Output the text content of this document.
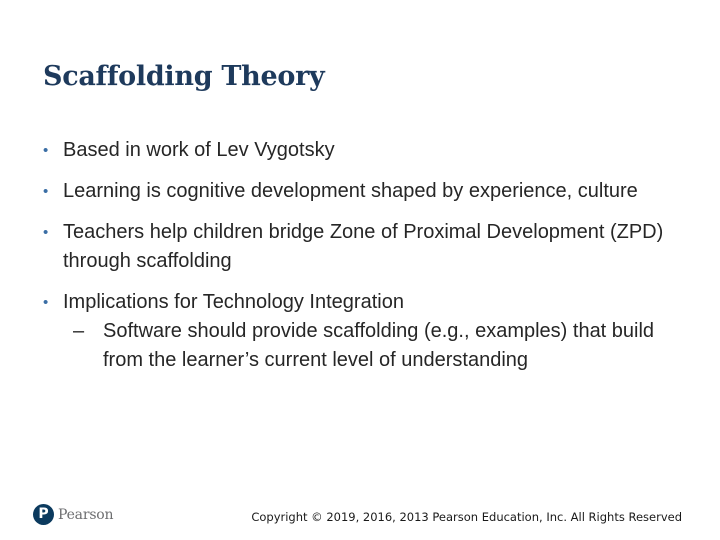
Scaffolding Theory
• Based in work of Lev Vygotsky
• Learning is cognitive development shaped by experience, culture
• Teachers help children bridge Zone of Proximal Development (ZPD) through scaffolding
• Implications for Technology Integration
– Software should provide scaffolding (e.g., examples) that build from the learner’s current level of understanding
P Pearson	Copyright © 2019, 2016, 2013 Pearson Education, Inc. All Rights Reserved
